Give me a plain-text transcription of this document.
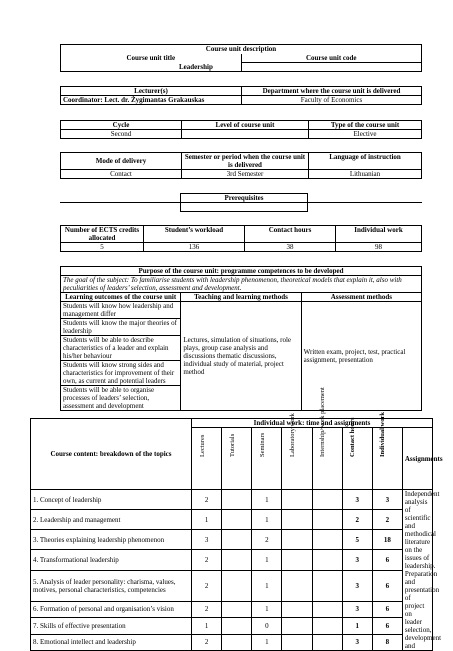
Course unit description	
Course unit title	Course unit code
Leadership	
Lecturer(s)	Department where the course unit is delivered
Coordinator: Lect. dr. Žygimantas Grakauskas	Faculty of Economics
Cycle	Level of course unit	Type of the course unit
Second		Elective
Mode of delivery	Semester or period when the course unit is delivered	Language of instruction
Contact	3rd Semester	Lithuanian
	Prerequisites	

Number of ECTS credits allocated	Student’s workload	Contact hours	Individual work
5	136	38	98
Purpose of the course unit: programme competences to be developed		
The goal of the subject: To familiarise students with leadership phenomenon, theoretical models that explain it, also with peculiarities of leaders’ selection, assessment and development.		
Learning outcomes of the course unit	Teaching and learning methods	Assessment methods
Students will know how leadership and management differ	Lectures, simulation of situations, role plays, group case analysis and discussions thematic discussions, individual study of material, project method	Written exam, project, test, practical assignment, presentation
Students will know the major theories of leadership		
Students will be able to describe characteristics of a leader and explain his/her behaviour		
Students will know strong sides and characteristics for improvement of their own, as current and potential leaders		
Students will be able to organise processes of leaders’ selection, assessment and development		
Course content: breakdown of the topics	Individual work: time and assignments							

	Lectures	Tutorials	Seminars	Laboratory work	Internship/work placement	Contact hours	Individual work	Assignments
1. Concept of leadership	2		1			3	3	Independent analysis of scientific and methodical literature on the issues of leadership.
2. Leadership and management	1		1			2	2	
3. Theories explaining leadership phenomenon	3		2			5	18	
4. Transformational leadership	2		1			3	6	
5. Analysis of leader personality: charisma, values, motives, personal characteristics, competencies	2		1			3	6	Preparation and presentation of project on leader selection, development and
6. Formation of personal and organisation’s vision	2		1			3	6	
7. Skills of effective presentation	1		0			1	6	
8. Emotional intellect and leadership	2		1			3	8	
